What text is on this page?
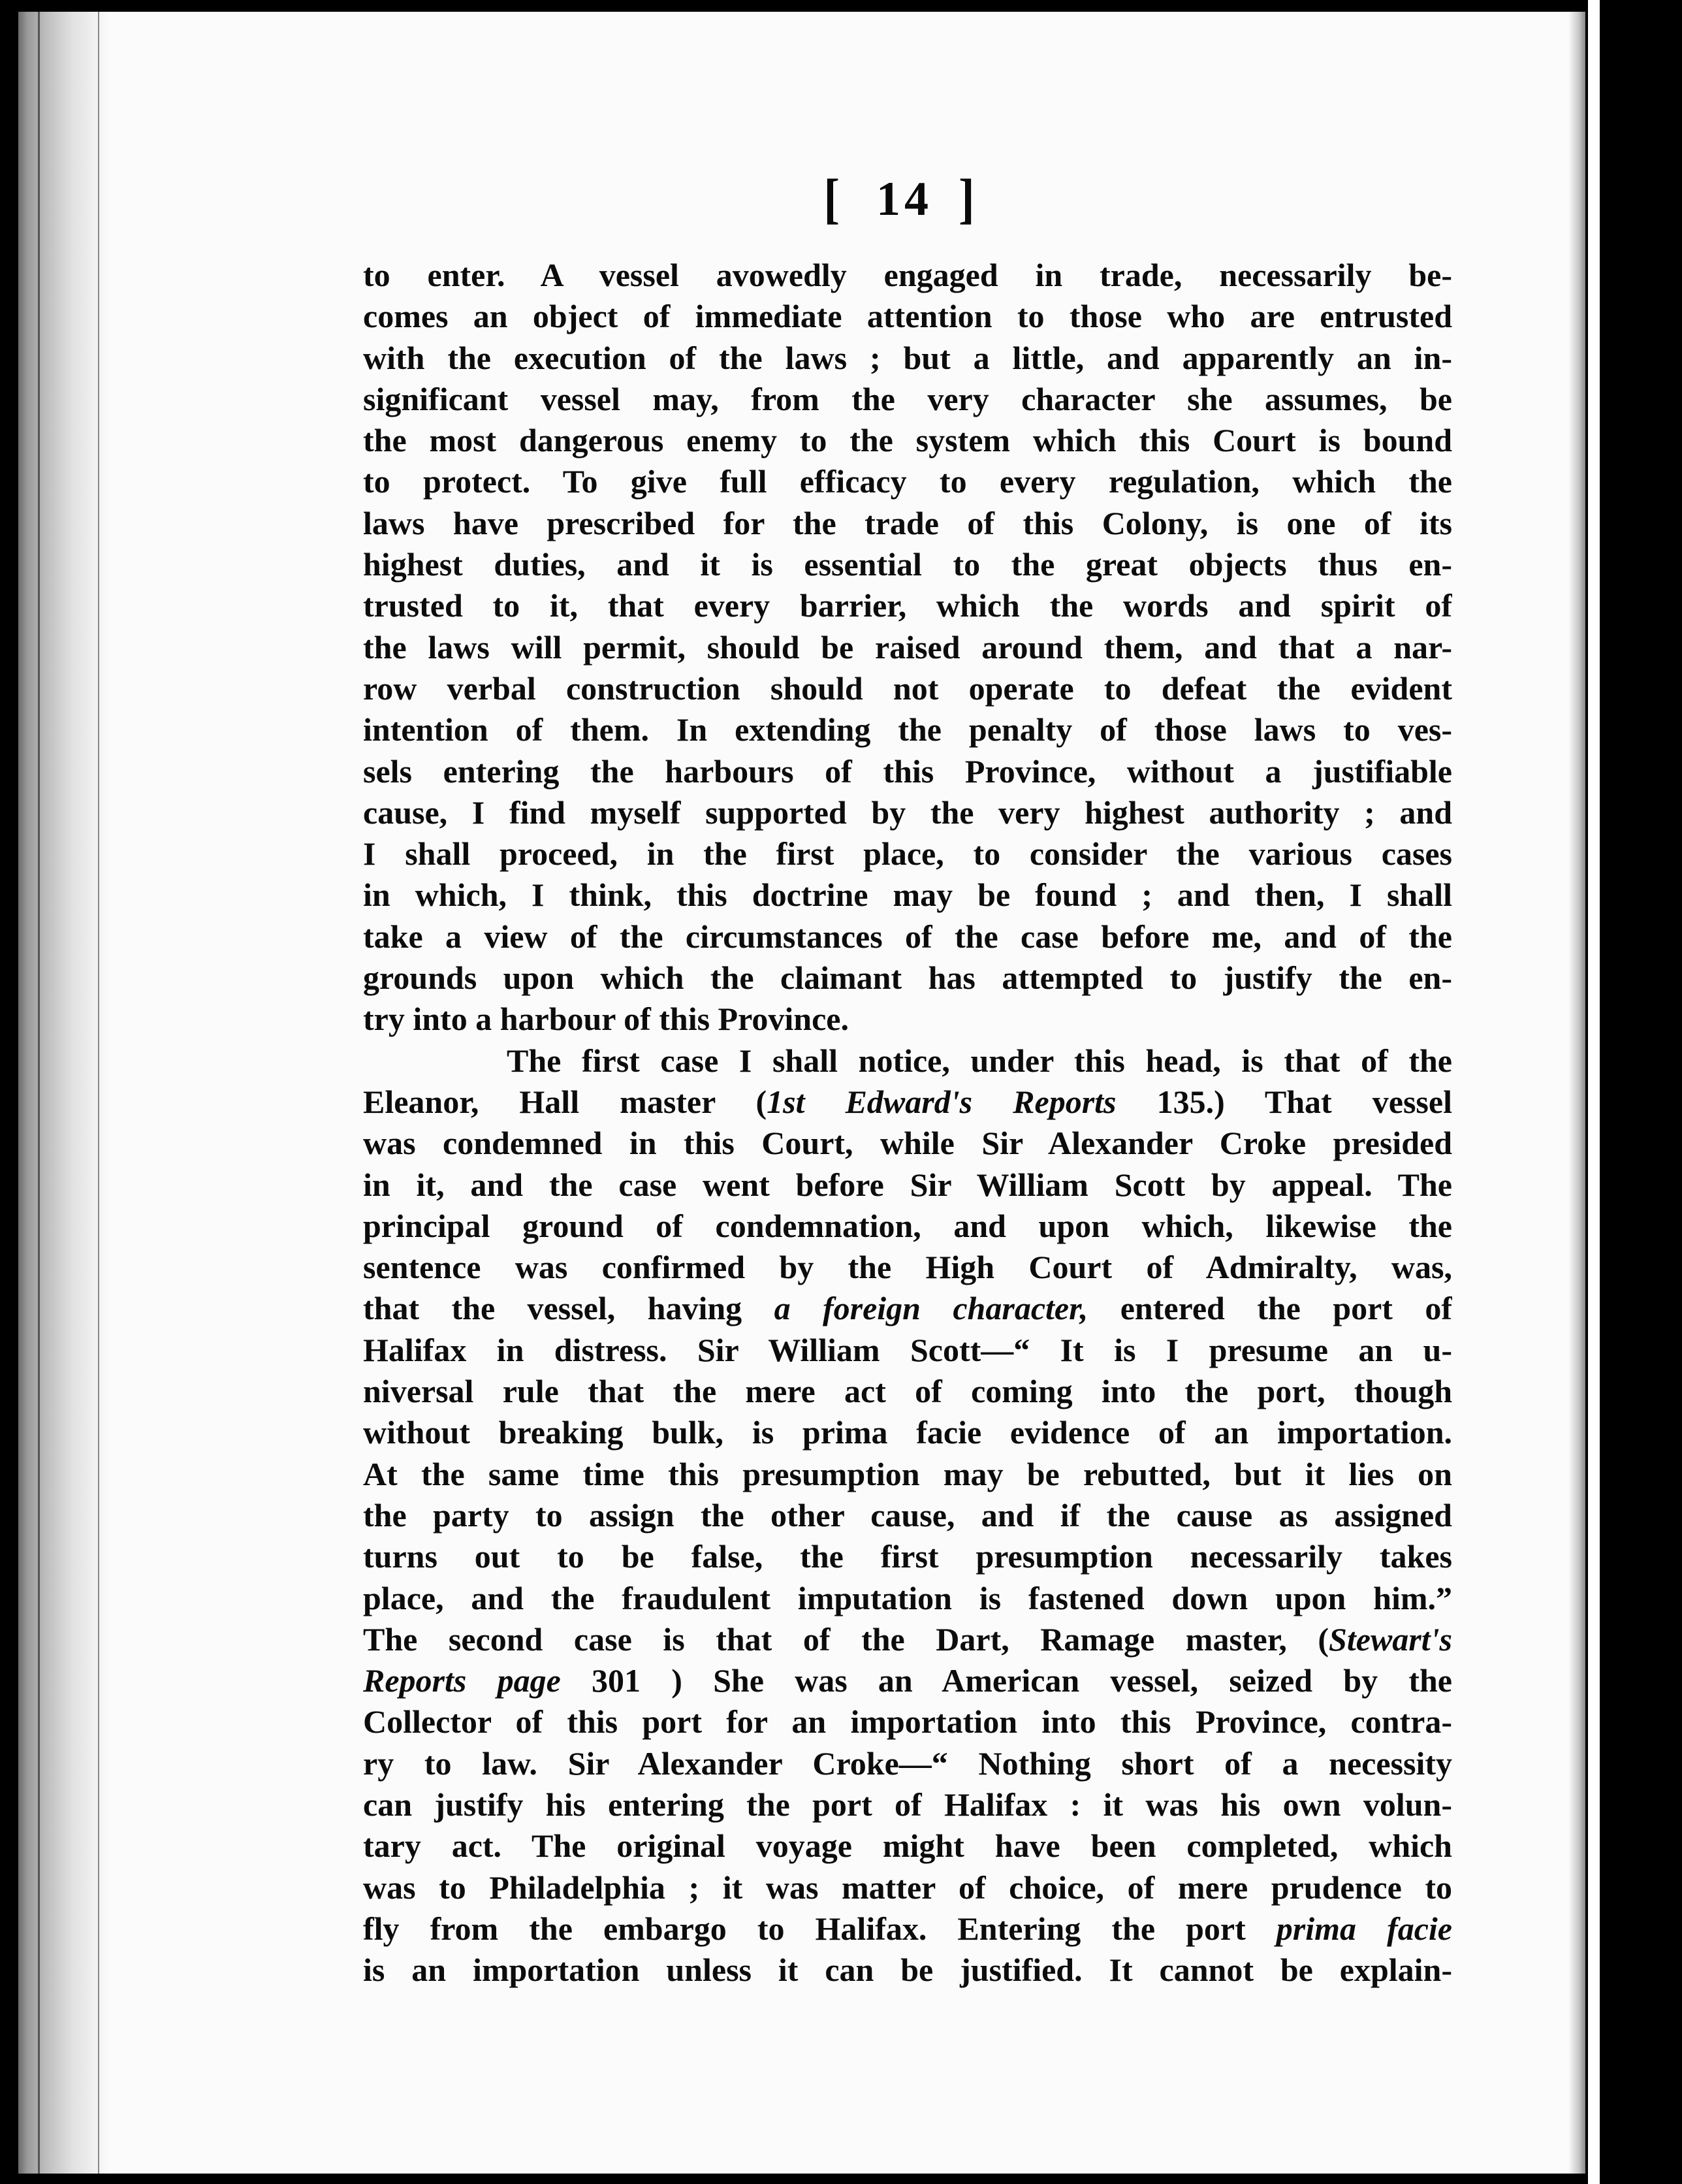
[ 14 ]
to enter. A vessel avowedly engaged in trade, necessarily be-
comes an object of immediate attention to those who are entrusted
with the execution of the laws ; but a little, and apparently an in-
significant vessel may, from the very character she assumes, be
the most dangerous enemy to the system which this Court is bound
to protect. To give full efficacy to every regulation, which the
laws have prescribed for the trade of this Colony, is one of its
highest duties, and it is essential to the great objects thus en-
trusted to it, that every barrier, which the words and spirit of
the laws will permit, should be raised around them, and that a nar-
row verbal construction should not operate to defeat the evident
intention of them. In extending the penalty of those laws to ves-
sels entering the harbours of this Province, without a justifiable
cause, I find myself supported by the very highest authority ; and
I shall proceed, in the first place, to consider the various cases
in which, I think, this doctrine may be found ; and then, I shall
take a view of the circumstances of the case before me, and of the
grounds upon which the claimant has attempted to justify the en-
try into a harbour of this Province.
The first case I shall notice, under this head, is that of the
Eleanor, Hall master (1st Edward's Reports 135.) That vessel
was condemned in this Court, while Sir Alexander Croke presided
in it, and the case went before Sir William Scott by appeal. The
principal ground of condemnation, and upon which, likewise the
sentence was confirmed by the High Court of Admiralty, was,
that the vessel, having a foreign character, entered the port of
Halifax in distress. Sir William Scott—“ It is I presume an u-
niversal rule that the mere act of coming into the port, though
without breaking bulk, is prima facie evidence of an importation.
At the same time this presumption may be rebutted, but it lies on
the party to assign the other cause, and if the cause as assigned
turns out to be false, the first presumption necessarily takes
place, and the fraudulent imputation is fastened down upon him.”
The second case is that of the Dart, Ramage master, (Stewart's
Reports page 301 ) She was an American vessel, seized by the
Collector of this port for an importation into this Province, contra-
ry to law. Sir Alexander Croke—“ Nothing short of a necessity
can justify his entering the port of Halifax : it was his own volun-
tary act. The original voyage might have been completed, which
was to Philadelphia ; it was matter of choice, of mere prudence to
fly from the embargo to Halifax. Entering the port prima facie
is an importation unless it can be justified. It cannot be explain-
